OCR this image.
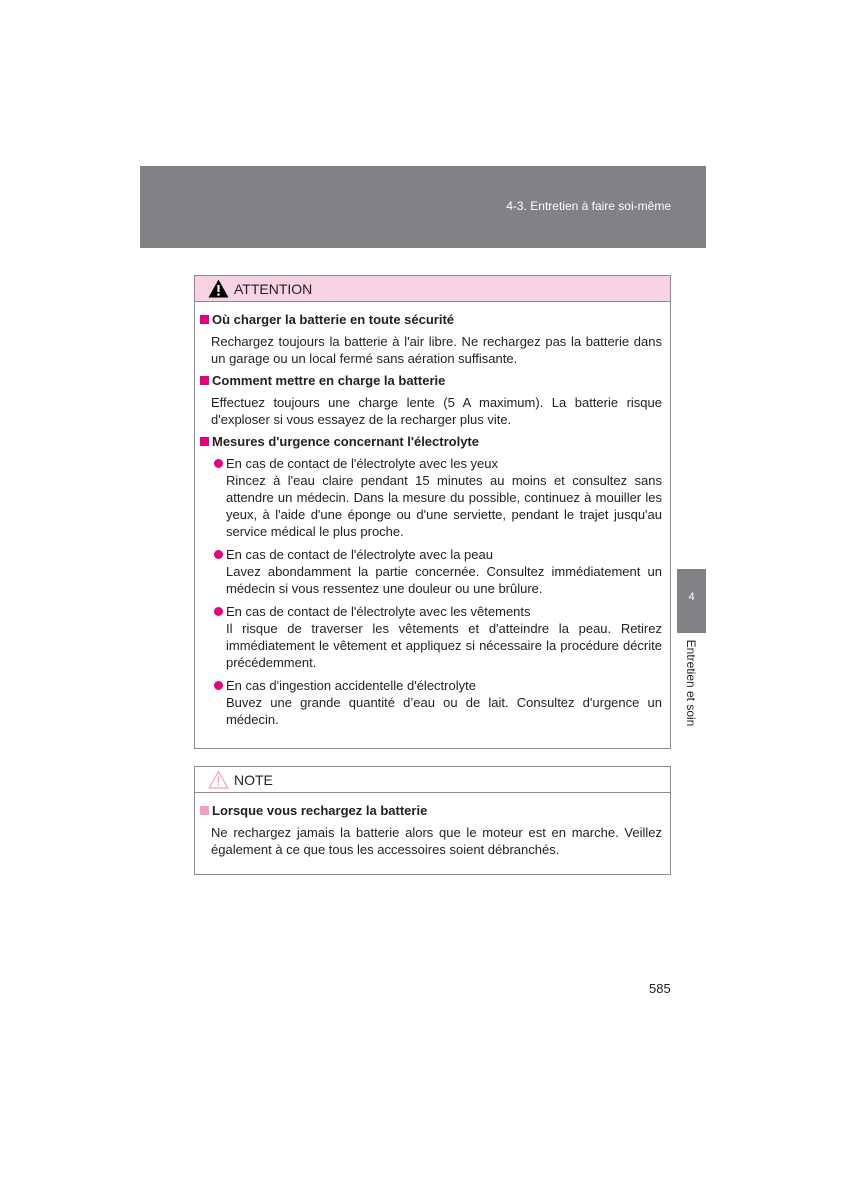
4-3. Entretien à faire soi-même
4
Entretien et soin
ATTENTION
Où charger la batterie en toute sécurité
Rechargez toujours la batterie à l'air libre. Ne rechargez pas la batterie dans un garage ou un local fermé sans aération suffisante.
Comment mettre en charge la batterie
Effectuez toujours une charge lente (5 A maximum). La batterie risque d'exploser si vous essayez de la recharger plus vite.
Mesures d'urgence concernant l'électrolyte
En cas de contact de l'électrolyte avec les yeux
Rincez à l'eau claire pendant 15 minutes au moins et consultez sans attendre un médecin. Dans la mesure du possible, continuez à mouiller les yeux, à l'aide d'une éponge ou d'une serviette, pendant le trajet jusqu'au service médical le plus proche.
En cas de contact de l'électrolyte avec la peau
Lavez abondamment la partie concernée. Consultez immédiatement un médecin si vous ressentez une douleur ou une brûlure.
En cas de contact de l'électrolyte avec les vêtements
Il risque de traverser les vêtements et d'atteindre la peau. Retirez immédiatement le vêtement et appliquez si nécessaire la procédure décrite précédemment.
En cas d'ingestion accidentelle d'électrolyte
Buvez une grande quantité d’eau ou de lait. Consultez d'urgence un médecin.
NOTE
Lorsque vous rechargez la batterie
Ne rechargez jamais la batterie alors que le moteur est en marche. Veillez également à ce que tous les accessoires soient débranchés.
585
